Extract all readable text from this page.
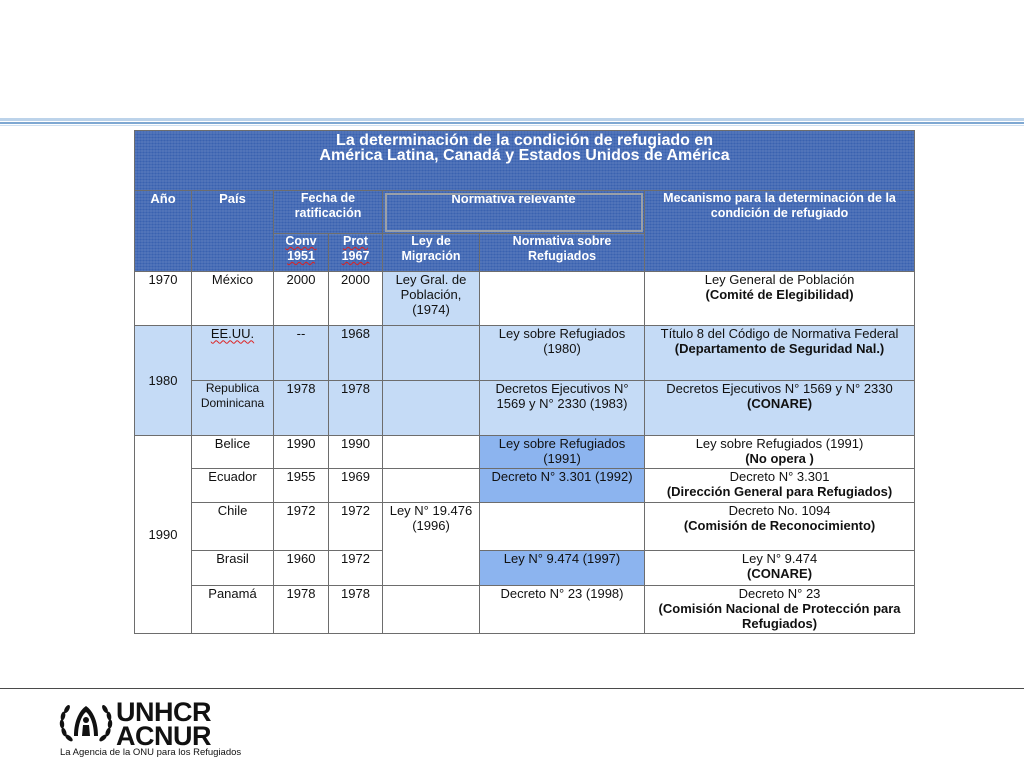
La determinación de la condición de refugiado en
América Latina, Canadá y Estados Unidos de América						

Año	País	Fecha de ratificación		Normativa relevante		Mecanismo para la determinación de la condición de refugiado
		Conv 1951	Prot 1967	Ley de Migración	Normativa sobre Refugiados	
1970	México	2000	2000	Ley Gral. de Población, (1974)		Ley General de Población
(Comité de Elegibilidad)

1980	EE.UU.	--	1968		Ley sobre Refugiados (1980)	Título 8 del Código de Normativa Federal
(Departamento de Seguridad Nal.)

	Republica Dominicana	1978	1978		Decretos Ejecutivos N° 1569 y N° 2330 (1983)	Decretos Ejecutivos N° 1569 y N° 2330
(CONARE)

1990	Belice	1990	1990		Ley sobre Refugiados (1991)	Ley sobre Refugiados (1991)
(No opera )

	Ecuador	1955	1969		Decreto N° 3.301 (1992)	Decreto N° 3.301
(Dirección General para Refugiados)

	Chile	1972	1972	Ley N° 19.476 (1996)		Decreto No. 1094
(Comisión de Reconocimiento)

	Brasil	1960	1972		Ley N° 9.474 (1997)	Ley N° 9.474
(CONARE)

	Panamá	1978	1978		Decreto N° 23 (1998)	Decreto N° 23
(Comisión Nacional de Protección para Refugiados)
UNHCR
ACNUR
La Agencia de la ONU para los Refugiados
